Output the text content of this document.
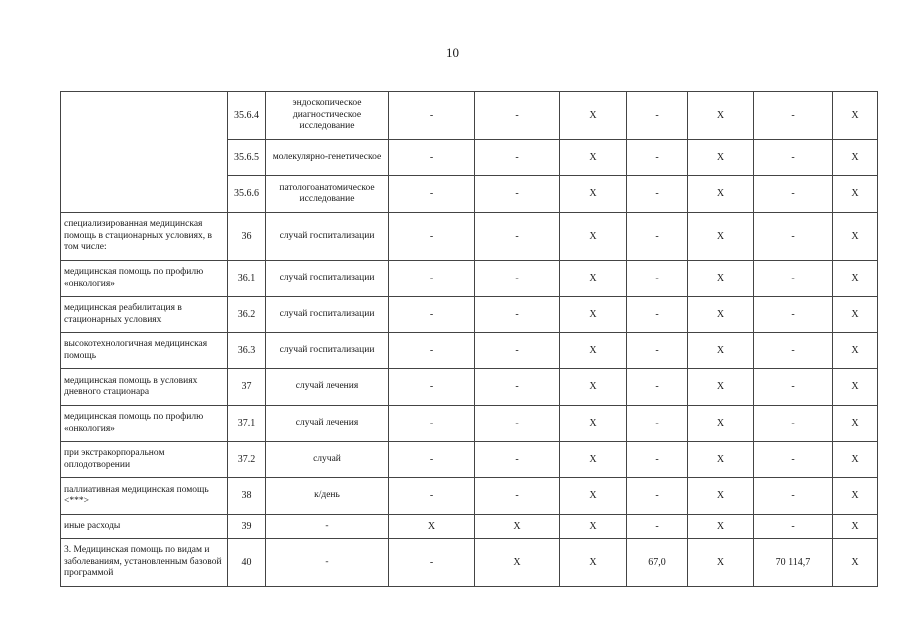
10
	35.6.4	эндоскопическое диагностическое исследование	-	-	X	-	X	-	X
	35.6.5	молекулярно-генетическое	-	-	X	-	X	-	X
	35.6.6	патологоанатомическое исследование	-	-	X	-	X	-	X
специализированная медицинская помощь в стационарных условиях, в том числе:	36	случай госпитализации	-	-	X	-	X	-	X
медицинская помощь по профилю «онкология»	36.1	случай госпитализации	-	-	X	-	X	-	X
медицинская реабилитация в стационарных условиях	36.2	случай госпитализации	-	-	X	-	X	-	X
высокотехнологичная медицинская помощь	36.3	случай госпитализации	-	-	X	-	X	-	X
медицинская помощь в условиях дневного стационара	37	случай лечения	-	-	X	-	X	-	X
медицинская помощь по профилю «онкология»	37.1	случай лечения	-	-	X	-	X	-	X
при экстракорпоральном оплодотворении	37.2	случай	-	-	X	-	X	-	X
паллиативная медицинская помощь <***>	38	к/день	-	-	X	-	X	-	X
иные расходы	39	-	X	X	X	-	X	-	X
3. Медицинская помощь по видам и заболеваниям, установленным базовой программой	40	-	-	X	X	67,0	X	70 114,7	X
